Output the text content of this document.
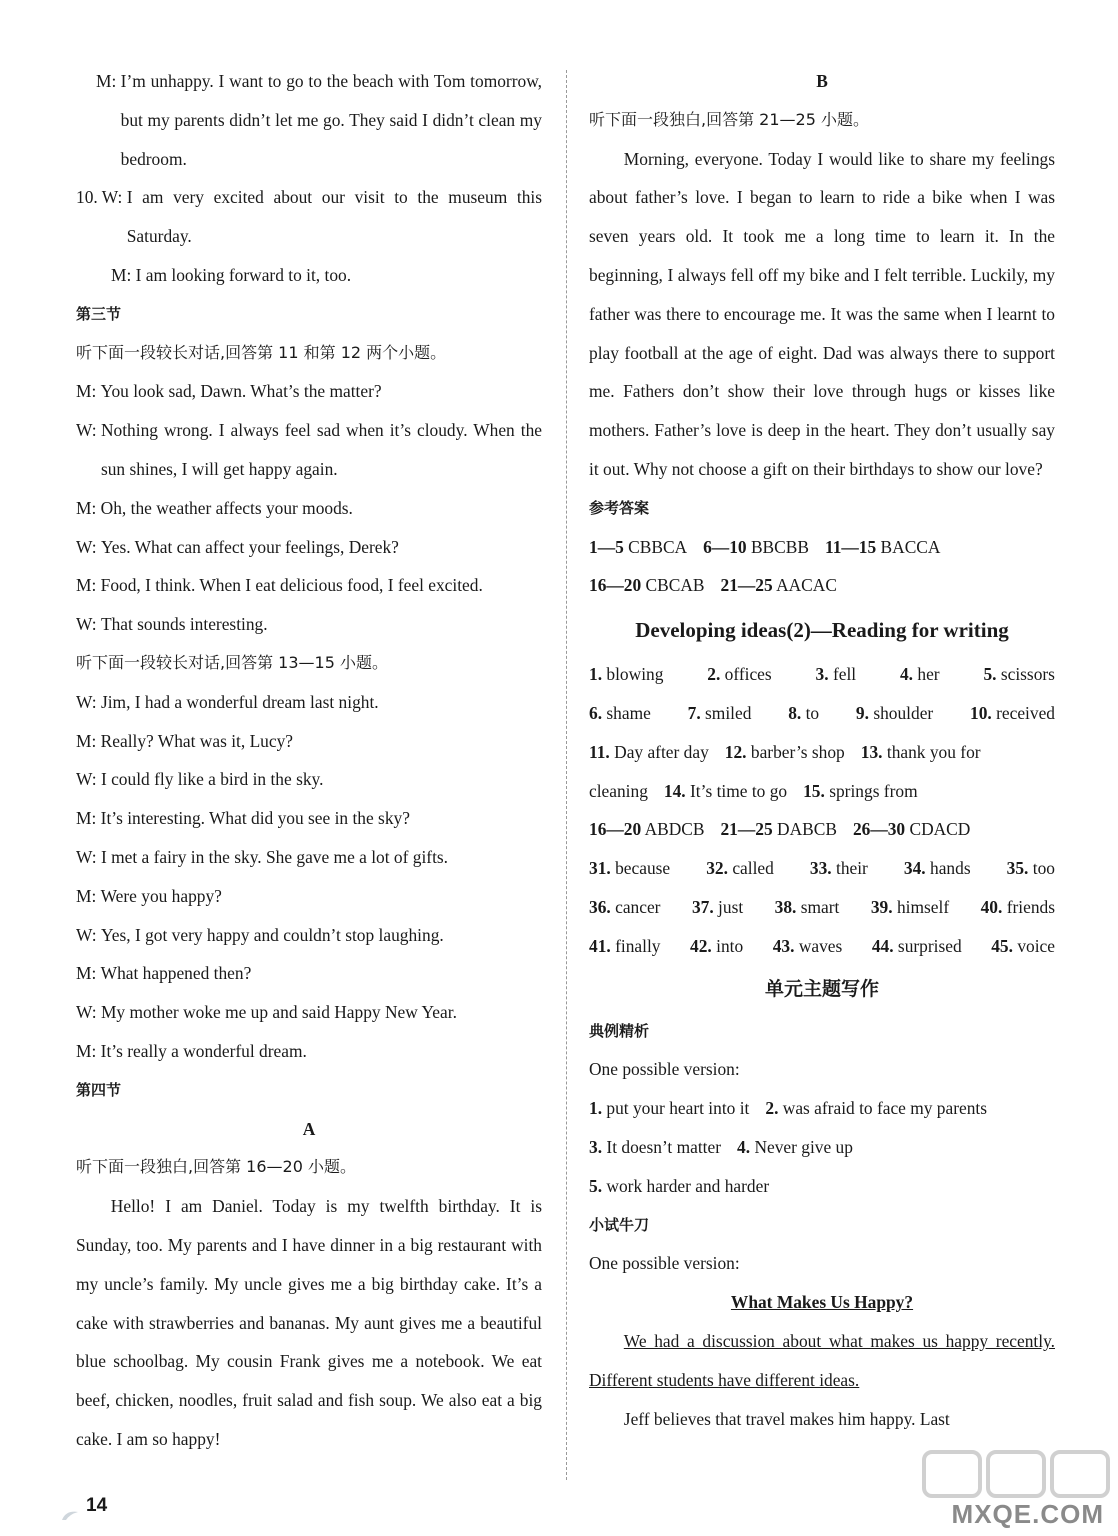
M: I’m unhappy. I want to go to the beach with Tom tomorrow, but my parents didn’t let me go. They said I didn’t clean my bedroom.
10. W: I am very excited about our visit to the museum this Saturday.
M: I am looking forward to it, too.
第三节
听下面一段较长对话,回答第 11 和第 12 两个小题。
M: You look sad, Dawn. What’s the matter?
W: Nothing wrong. I always feel sad when it’s cloudy. When the sun shines, I will get happy again.
M: Oh, the weather affects your moods.
W: Yes. What can affect your feelings, Derek?
M: Food, I think. When I eat delicious food, I feel excited.
W: That sounds interesting.
听下面一段较长对话,回答第 13—15 小题。
W: Jim, I had a wonderful dream last night.
M: Really? What was it, Lucy?
W: I could fly like a bird in the sky.
M: It’s interesting. What did you see in the sky?
W: I met a fairy in the sky. She gave me a lot of gifts.
M: Were you happy?
W: Yes, I got very happy and couldn’t stop laughing.
M: What happened then?
W: My mother woke me up and said Happy New Year.
M: It’s really a wonderful dream.
第四节
A
听下面一段独白,回答第 16—20 小题。
Hello! I am Daniel. Today is my twelfth birthday. It is Sunday, too. My parents and I have dinner in a big restaurant with my uncle’s family. My uncle gives me a big birthday cake. It’s a cake with strawberries and bananas. My aunt gives me a beautiful blue schoolbag. My cousin Frank gives me a notebook. We eat beef, chicken, noodles, fruit salad and fish soup. We also eat a big cake. I am so happy!
B
听下面一段独白,回答第 21—25 小题。
Morning, everyone. Today I would like to share my feelings about father’s love. I began to learn to ride a bike when I was seven years old. It took me a long time to learn it. In the beginning, I always fell off my bike and I felt terrible. Luckily, my father was there to encourage me. It was the same when I learnt to play football at the age of eight. Dad was always there to support me. Fathers don’t show their love through hugs or kisses like mothers. Father’s love is deep in the heart. They don’t usually say it out. Why not choose a gift on their birthdays to show our love?
参考答案
1—5 CBBCA 6—10 BBCBB 11—15 BACCA
16—20 CBCAB 21—25 AACAC
Developing ideas(2)—Reading for writing
1. blowing	2. offices	3. fell	4. her	5. scissors
6. shame 7. smiled 8. to 9. shoulder 10. received
11. Day after day 12. barber’s shop 13. thank you for
cleaning 14. It’s time to go 15. springs from
16—20 ABDCB 21—25 DABCB 26—30 CDACD
31. because 32. called 33. their 34. hands 35. too
36. cancer 37. just 38. smart 39. himself 40. friends
41. finally 42. into 43. waves 44. surprised 45. voice
单元主题写作
典例精析
One possible version:
1. put your heart into it 2. was afraid to face my parents
3. It doesn’t matter 4. Never give up
5. work harder and harder
小试牛刀
One possible version:
What Makes Us Happy?
We had a discussion about what makes us happy recently. Different students have different ideas.
Jeff believes that travel makes him happy. Last
14	MXQE.COM
